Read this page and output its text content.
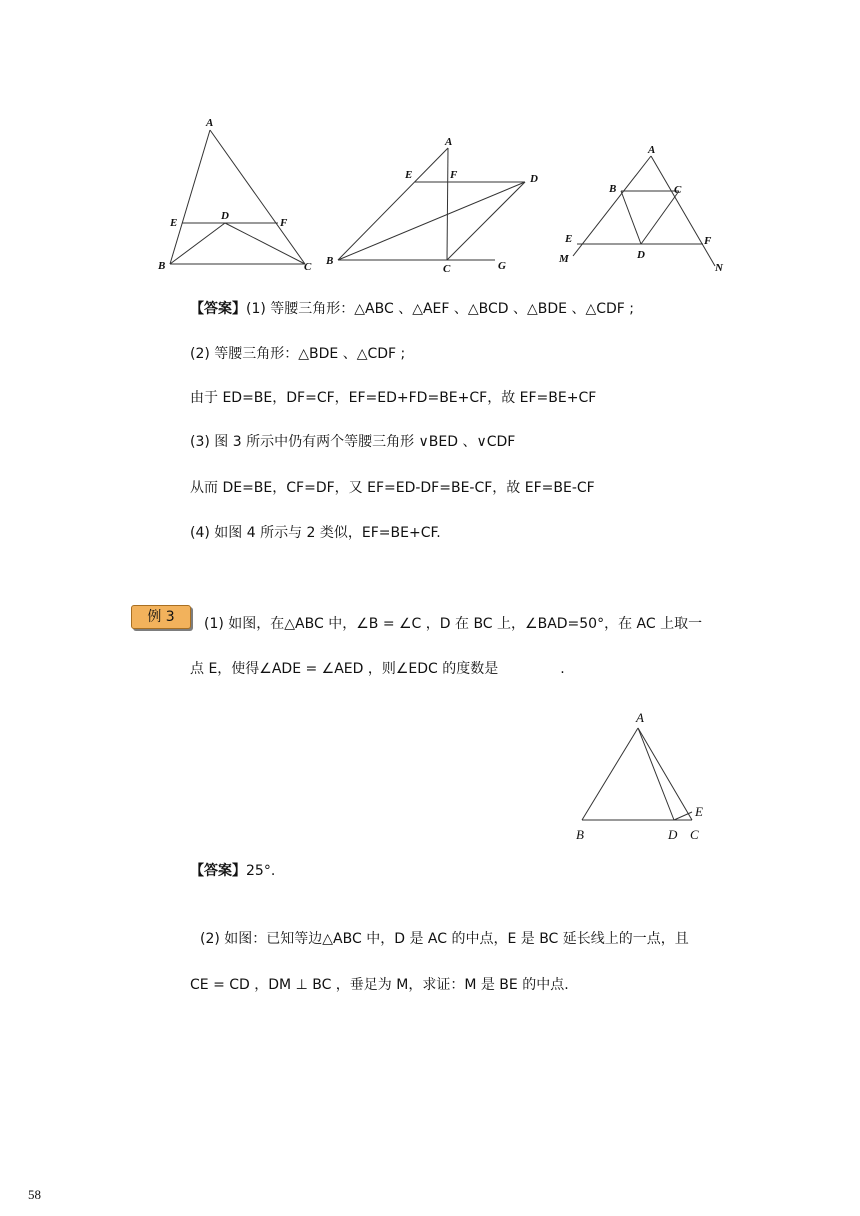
A
B	C
D
E	F
A
B
C
D
E	F
G
A
B	C
D
E	F
M
N
【答案】(1) 等腰三角形：△ABC 、△AEF 、△BCD 、△BDE 、△CDF ;
(2) 等腰三角形：△BDE 、△CDF ;
由于 ED=BE，DF=CF，EF=ED+FD=BE+CF，故 EF=BE+CF
(3) 图 3 所示中仍有两个等腰三角形 ∨BED 、∨CDF
从而 DE=BE，CF=DF，又 EF=ED-DF=BE-CF，故 EF=BE-CF
(4) 如图 4 所示与 2 类似，EF=BE+CF.
例 3	(1) 如图，在△ABC 中，∠B = ∠C ，D 在 BC 上，∠BAD=50°，在 AC 上取一
点 E，使得∠ADE = ∠AED ，则∠EDC 的度数是	.
A
B	C
D
E
【答案】25°.
(2) 如图：已知等边△ABC 中，D 是 AC 的中点，E 是 BC 延长线上的一点，且
CE = CD ，DM ⊥ BC ，垂足为 M，求证：M 是 BE 的中点.
58
